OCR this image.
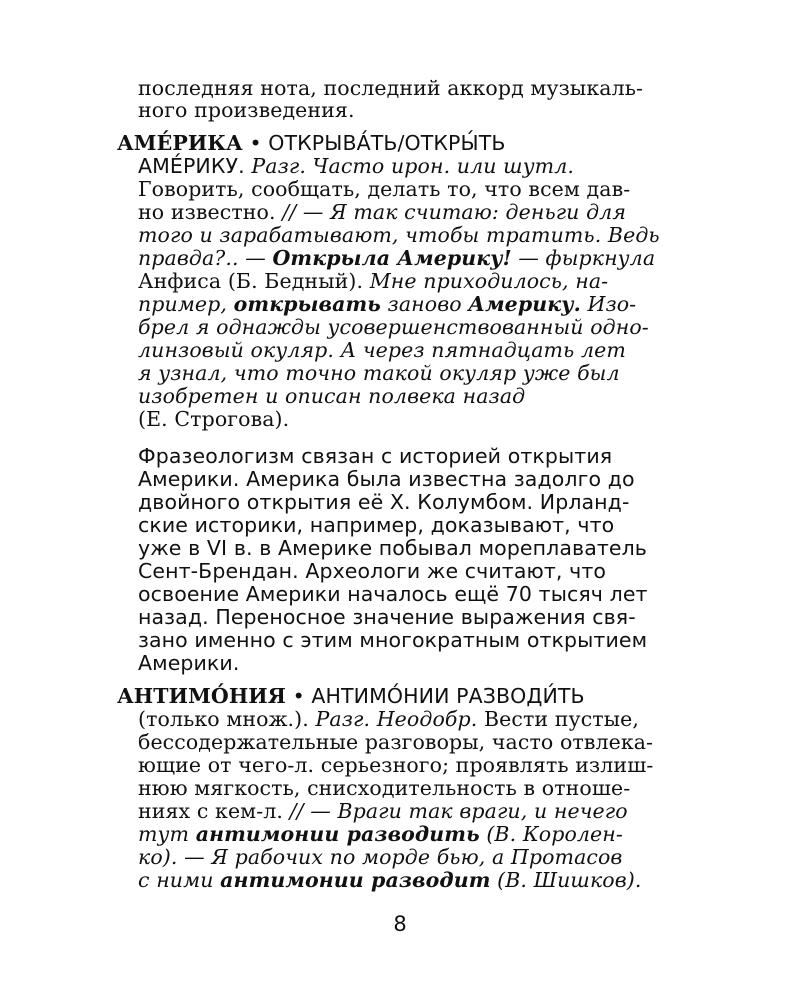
последняя нота, последний аккорд музыкаль-
ного произведения.
АМЕ́РИКА • ОТКРЫВА́ТЬ/ОТКРЫ́ТЬ
АМЕ́РИКУ. Разг. Часто ирон. или шутл.
Говорить, сообщать, делать то, что всем дав-
но известно. // — Я так считаю: деньги для
того и зарабатывают, чтобы тратить. Ведь
правда?.. — Открыла Америку! — фыркнула
Анфиса (Б. Бедный). Мне приходилось, на-
пример, открывать заново Америку. Изо-
брел я однажды усовершенствованный одно-
линзовый окуляр. А через пятнадцать лет
я узнал, что точно такой окуляр уже был
изобретен и описан полвека назад
(Е. Строгова).
Фразеологизм связан с историей открытия
Америки. Америка была известна задолго до
двойного открытия её Х. Колумбом. Ирланд-
ские историки, например, доказывают, что
уже в VI в. в Америке побывал мореплаватель
Сент-Брендан. Археологи же считают, что
освоение Америки началось ещё 70 тысяч лет
назад. Переносное значение выражения свя-
зано именно с этим многократным открытием
Америки.
АНТИМО́НИЯ • АНТИМО́НИИ РАЗВОДИ́ТЬ
(только множ.). Разг. Неодобр. Вести пустые,
бессодержательные разговоры, часто отвлека-
ющие от чего-л. серьезного; проявлять излиш-
нюю мягкость, снисходительность в отноше-
ниях с кем-л. // — Враги так враги, и нечего
тут антимонии разводить (В. Королен-
ко). — Я рабочих по морде бью, а Протасов
с ними антимонии разводит (В. Шишков).
8
